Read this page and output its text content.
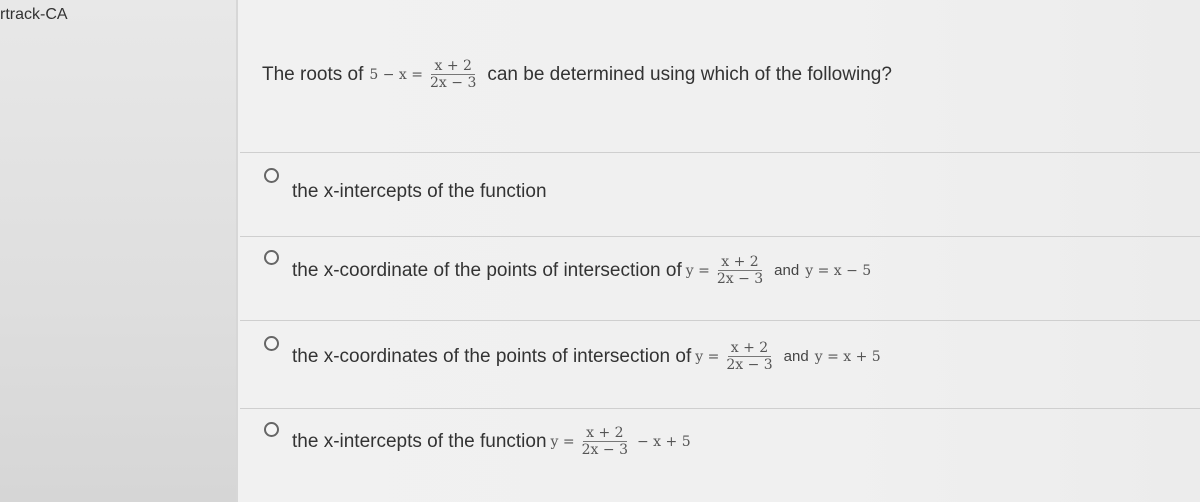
rtrack-CA
The roots of $5 - x = \frac{x + 2}{2x - 3}$ can be determined using which of the following?
the x-intercepts of the function
the x-coordinate of the points of intersection of $y = \frac{x + 2}{2x - 3}$ and y = x − 5
the x-coordinates of the points of intersection of $y = \frac{x + 2}{2x - 3}$ and y = x + 5
the x-intercepts of the function $y = \frac{x + 2}{2x - 3} - x + 5$
